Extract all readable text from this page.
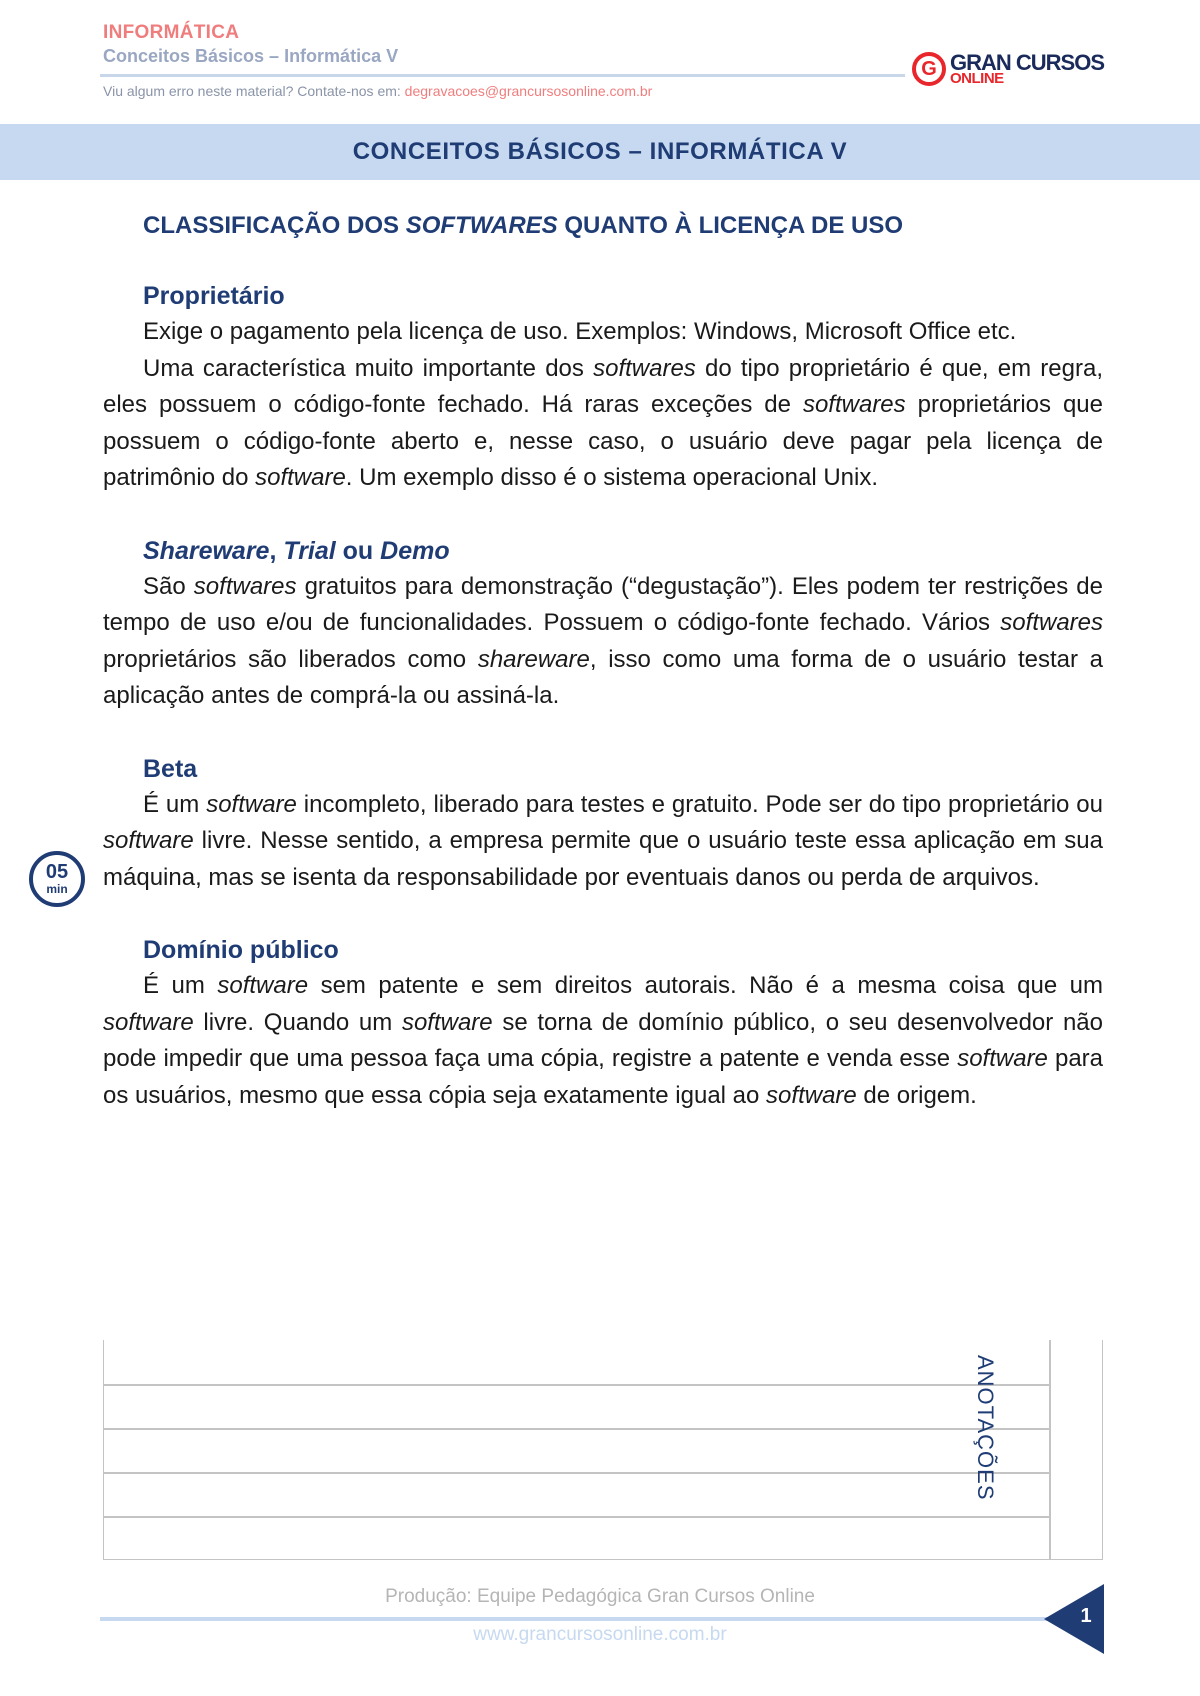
INFORMÁTICA
Conceitos Básicos – Informática V
Viu algum erro neste material? Contate-nos em: degravacoes@grancursosonline.com.br
G GRAN CURSOS
ONLINE
CONCEITOS BÁSICOS – INFORMÁTICA V
CLASSIFICAÇÃO DOS SOFTWARES QUANTO À LICENÇA DE USO
Proprietário

Exige o pagamento pela licença de uso. Exemplos: Windows, Microsoft Office etc.

Uma característica muito importante dos softwares do tipo proprietário é que, em regra, eles possuem o código-fonte fechado. Há raras exceções de softwares proprietários que possuem o código-fonte aberto e, nesse caso, o usuário deve pagar pela licença de patrimônio do software. Um exemplo disso é o sistema operacional Unix.

Shareware, Trial ou Demo

São softwares gratuitos para demonstração (“degustação”). Eles podem ter restrições de tempo de uso e/ou de funcionalidades. Possuem o código-fonte fechado. Vários softwares proprietários são liberados como shareware, isso como uma forma de o usuário testar a aplicação antes de comprá-la ou assiná-la.

Beta

É um software incompleto, liberado para testes e gratuito. Pode ser do tipo proprietário ou software livre. Nesse sentido, a empresa permite que o usuário teste essa aplicação em sua máquina, mas se isenta da responsabilidade por eventuais danos ou perda de arquivos.

Domínio público

É um software sem patente e sem direitos autorais. Não é a mesma coisa que um software livre. Quando um software se torna de domínio público, o seu desenvolvedor não pode impedir que uma pessoa faça uma cópia, registre a patente e venda esse software para os usuários, mesmo que essa cópia seja exatamente igual ao software de origem.

05
min
ANOTAÇÕES
Produção: Equipe Pedagógica Gran Cursos Online
www.grancursosonline.com.br
1
